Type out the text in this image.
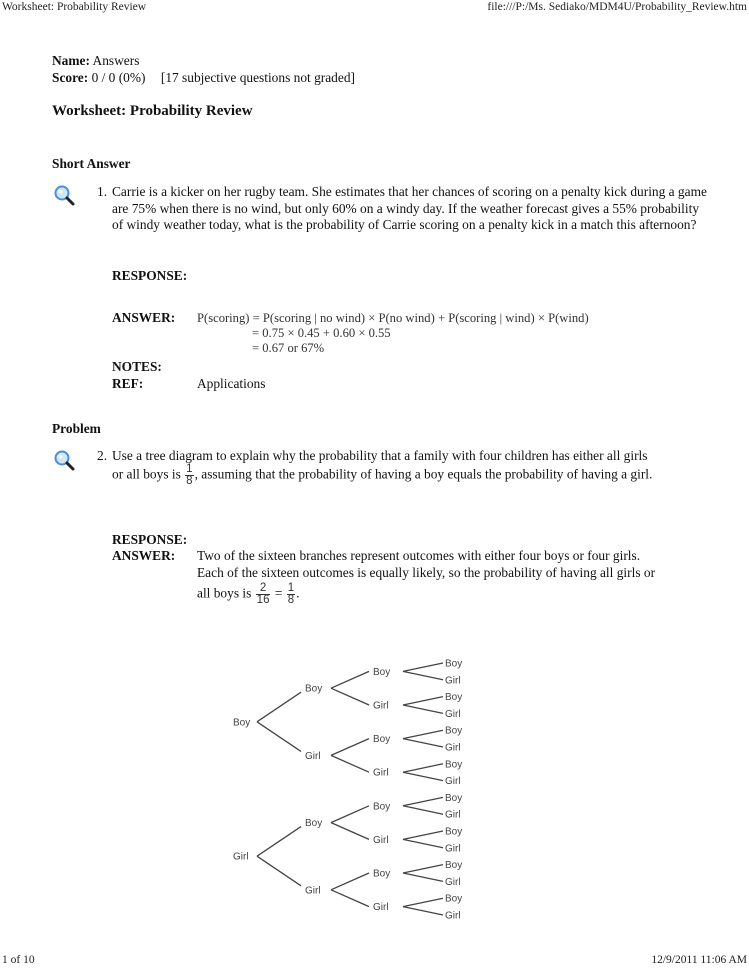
Worksheet: Probability Review	file:///P:/Ms. Sediako/MDM4U/Probability_Review.htm
Name: Answers
Score: 0 / 0 (0%) [17 subjective questions not graded]
Worksheet: Probability Review
Short Answer
1. Carrie is a kicker on her rugby team. She estimates that her chances of scoring on a penalty kick during a game are 75% when there is no wind, but only 60% on a windy day. If the weather forecast gives a 55% probability of windy weather today, what is the probability of Carrie scoring on a penalty kick in a match this afternoon?
RESPONSE:
ANSWER: P(scoring) = P(scoring | no wind) × P(no wind) + P(scoring | wind) × P(wind)
= 0.75 × 0.45 + 0.60 × 0.55
= 0.67 or 67%
NOTES:
REF:	Applications
Problem
2. Use a tree diagram to explain why the probability that a family with four children has either all girls
or all boys is $\frac{1}{8}$ , assuming that the probability of having a boy equals the probability of having a girl.
RESPONSE:
ANSWER: Two of the sixteen branches represent outcomes with either four boys or four girls.
Each of the sixteen outcomes is equally likely, so the probability of having all girls or
all boys is $\frac{2}{16} = \frac{1}{8}$ .
Boy
Girl
Boy
Girl
Boy
Girl
Boy
Girl
Boy
Girl
Boy
Girl
Boy
Girl
Boy
Girl
Boy
Girl
Boy
Girl
Boy
Girl
Boy
Girl
Boy
Girl
Boy
Girl
Boy
Girl
1 of 10	12/9/2011 11:06 AM
